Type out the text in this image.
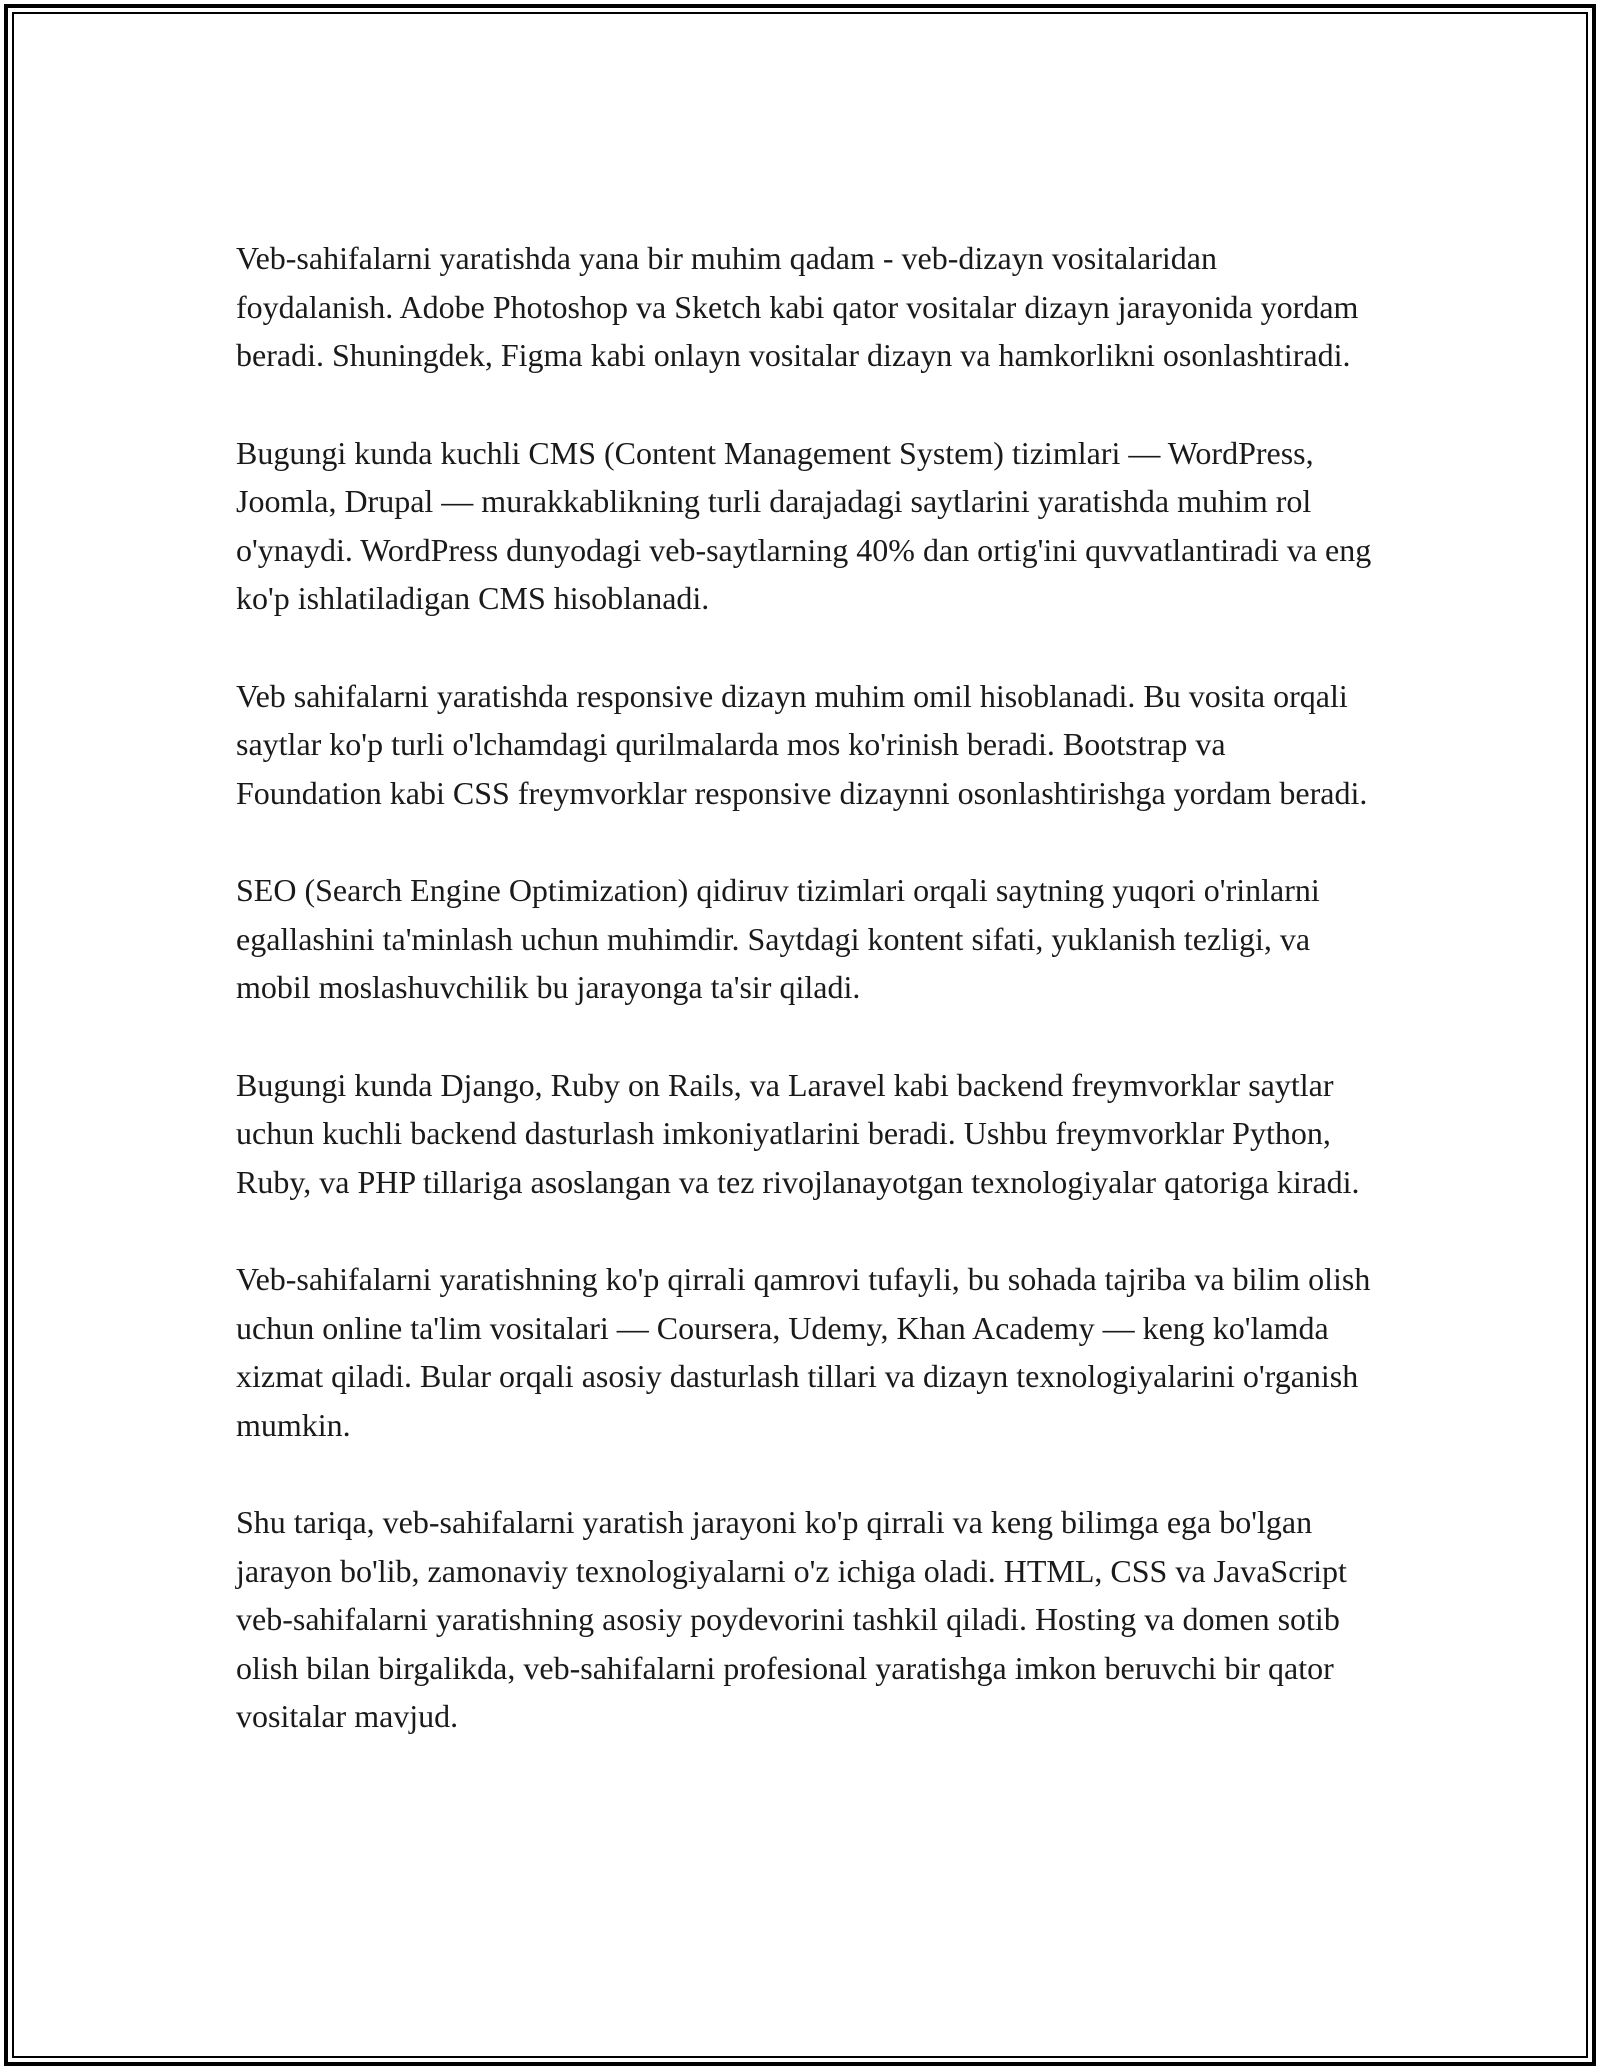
Veb-sahifalarni yaratishda yana bir muhim qadam - veb-dizayn vositalaridan foydalanish. Adobe Photoshop va Sketch kabi qator vositalar dizayn jarayonida yordam beradi. Shuningdek, Figma kabi onlayn vositalar dizayn va hamkorlikni osonlashtiradi.

Bugungi kunda kuchli CMS (Content Management System) tizimlari — WordPress, Joomla, Drupal — murakkablikning turli darajadagi saytlarini yaratishda muhim rol o'ynaydi. WordPress dunyodagi veb-saytlarning 40% dan ortig'ini quvvatlantiradi va eng ko'p ishlatiladigan CMS hisoblanadi.

Veb sahifalarni yaratishda responsive dizayn muhim omil hisoblanadi. Bu vosita orqali saytlar ko'p turli o'lchamdagi qurilmalarda mos ko'rinish beradi. Bootstrap va Foundation kabi CSS freymvorklar responsive dizaynni osonlashtirishga yordam beradi.

SEO (Search Engine Optimization) qidiruv tizimlari orqali saytning yuqori o'rinlarni egallashini ta'minlash uchun muhimdir. Saytdagi kontent sifati, yuklanish tezligi, va mobil moslashuvchilik bu jarayonga ta'sir qiladi.

Bugungi kunda Django, Ruby on Rails, va Laravel kabi backend freymvorklar saytlar uchun kuchli backend dasturlash imkoniyatlarini beradi. Ushbu freymvorklar Python, Ruby, va PHP tillariga asoslangan va tez rivojlanayotgan texnologiyalar qatoriga kiradi.

Veb-sahifalarni yaratishning ko'p qirrali qamrovi tufayli, bu sohada tajriba va bilim olish uchun online ta'lim vositalari — Coursera, Udemy, Khan Academy — keng ko'lamda xizmat qiladi. Bular orqali asosiy dasturlash tillari va dizayn texnologiyalarini o'rganish mumkin.

Shu tariqa, veb-sahifalarni yaratish jarayoni ko'p qirrali va keng bilimga ega bo'lgan jarayon bo'lib, zamonaviy texnologiyalarni o'z ichiga oladi. HTML, CSS va JavaScript veb-sahifalarni yaratishning asosiy poydevorini tashkil qiladi. Hosting va domen sotib olish bilan birgalikda, veb-sahifalarni profesional yaratishga imkon beruvchi bir qator vositalar mavjud.
